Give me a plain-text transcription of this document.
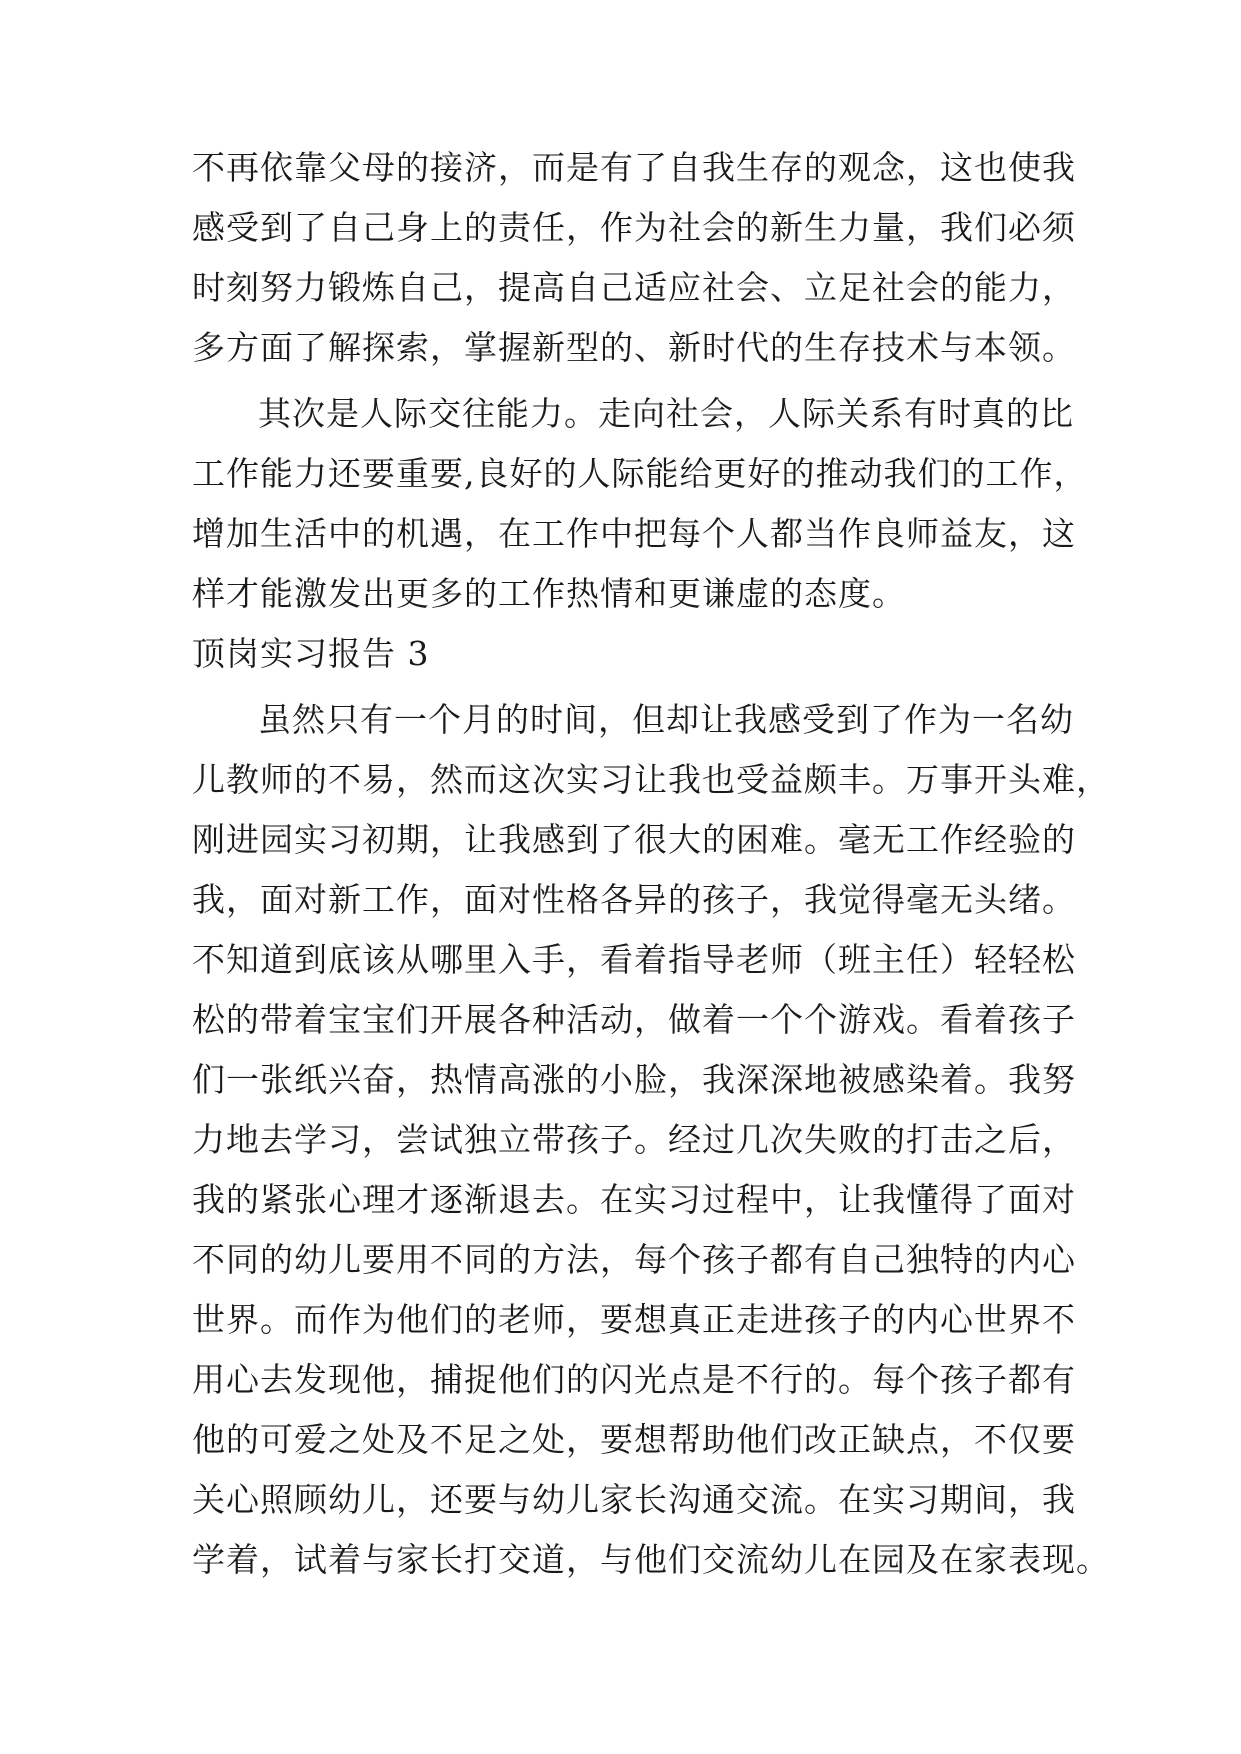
不再依靠父母的接济，而是有了自我生存的观念，这也使我
感受到了自己身上的责任，作为社会的新生力量，我们必须
时刻努力锻炼自己，提高自己适应社会、立足社会的能力，
多方面了解探索，掌握新型的、新时代的生存技术与本领。
其次是人际交往能力。走向社会，人际关系有时真的比
工作能力还要重要,良好的人际能给更好的推动我们的工作，
增加生活中的机遇，在工作中把每个人都当作良师益友，这
样才能激发出更多的工作热情和更谦虚的态度。
顶岗实习报告 3
虽然只有一个月的时间，但却让我感受到了作为一名幼
儿教师的不易，然而这次实习让我也受益颇丰。万事开头难，
刚进园实习初期，让我感到了很大的困难。毫无工作经验的
我，面对新工作，面对性格各异的孩子，我觉得毫无头绪。
不知道到底该从哪里入手，看着指导老师（班主任）轻轻松
松的带着宝宝们开展各种活动，做着一个个游戏。看着孩子
们一张纸兴奋，热情高涨的小脸，我深深地被感染着。我努
力地去学习，尝试独立带孩子。经过几次失败的打击之后，
我的紧张心理才逐渐退去。在实习过程中，让我懂得了面对
不同的幼儿要用不同的方法，每个孩子都有自己独特的内心
世界。而作为他们的老师，要想真正走进孩子的内心世界不
用心去发现他，捕捉他们的闪光点是不行的。每个孩子都有
他的可爱之处及不足之处，要想帮助他们改正缺点，不仅要
关心照顾幼儿，还要与幼儿家长沟通交流。在实习期间，我
学着，试着与家长打交道，与他们交流幼儿在园及在家表现。
